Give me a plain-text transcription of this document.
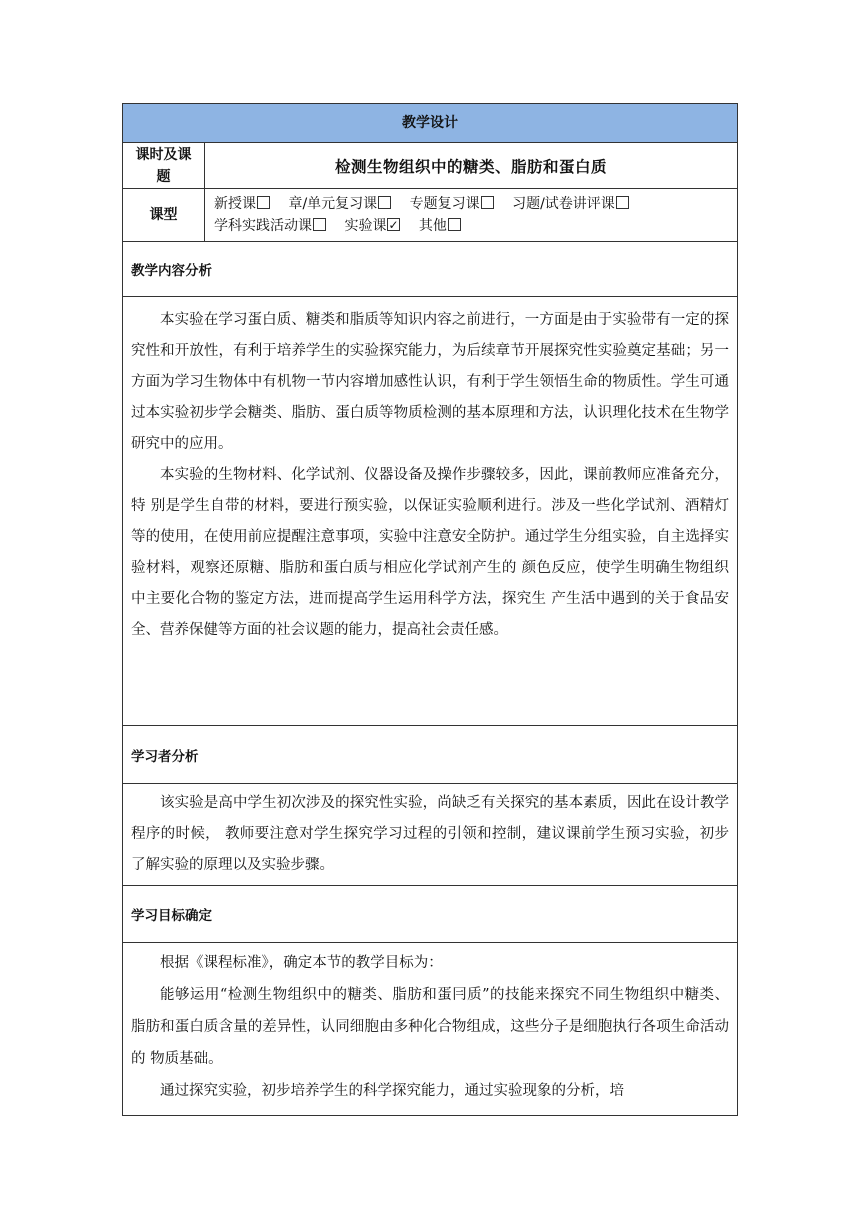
教学设计
课时及课题
检测生物组织中的糖类、脂肪和蛋白质
课型
新授课 章/单元复习课 专题复习课 习题/试卷讲评课 学科实践活动课 实验课✓ 其他
教学内容分析

本实验在学习蛋白质、糖类和脂质等知识内容之前进行，一方面是由于实验带有一定的探究性和开放性，有利于培养学生的实验探究能力，为后续章节开展探究性实验奠定基础；另一方面为学习生物体中有机物一节内容增加感性认识，有利于学生领悟生命的物质性。学生可通过本实验初步学会糖类、脂肪、蛋白质等物质检测的基本原理和方法，认识理化技术在生物学研究中的应用。

本实验的生物材料、化学试剂、仪器设备及操作步骤较多，因此，课前教师应准备充分，特 别是学生自带的材料，要进行预实验，以保证实验顺利进行。涉及一些化学试剂、酒精灯等的使用，在使用前应提醒注意事项，实验中注意安全防护。通过学生分组实验，自主选择实验材料，观察还原糖、脂肪和蛋白质与相应化学试剂产生的 颜色反应，使学生明确生物组织中主要化合物的鉴定方法，进而提高学生运用科学方法，探究生 产生活中遇到的关于食品安全、营养保健等方面的社会议题的能力，提高社会责任感。

学习者分析

该实验是高中学生初次涉及的探究性实验，尚缺乏有关探究的基本素质，因此在设计教学程序的时候， 教师要注意对学生探究学习过程的引领和控制，建议课前学生预习实验，初步了解实验的原理以及实验步骤。

学习目标确定

根据《课程标准》，确定本节的教学目标为：

能够运用“检测生物组织中的糖类、脂肪和蛋冃质”的技能来探究不同生物组织中糖类、 脂肪和蛋白质含量的差异性，认同细胞由多种化合物组成，这些分子是细胞执行各项生命活动的 物质基础。

通过探究实验，初步培养学生的科学探究能力，通过实验现象的分析，培
